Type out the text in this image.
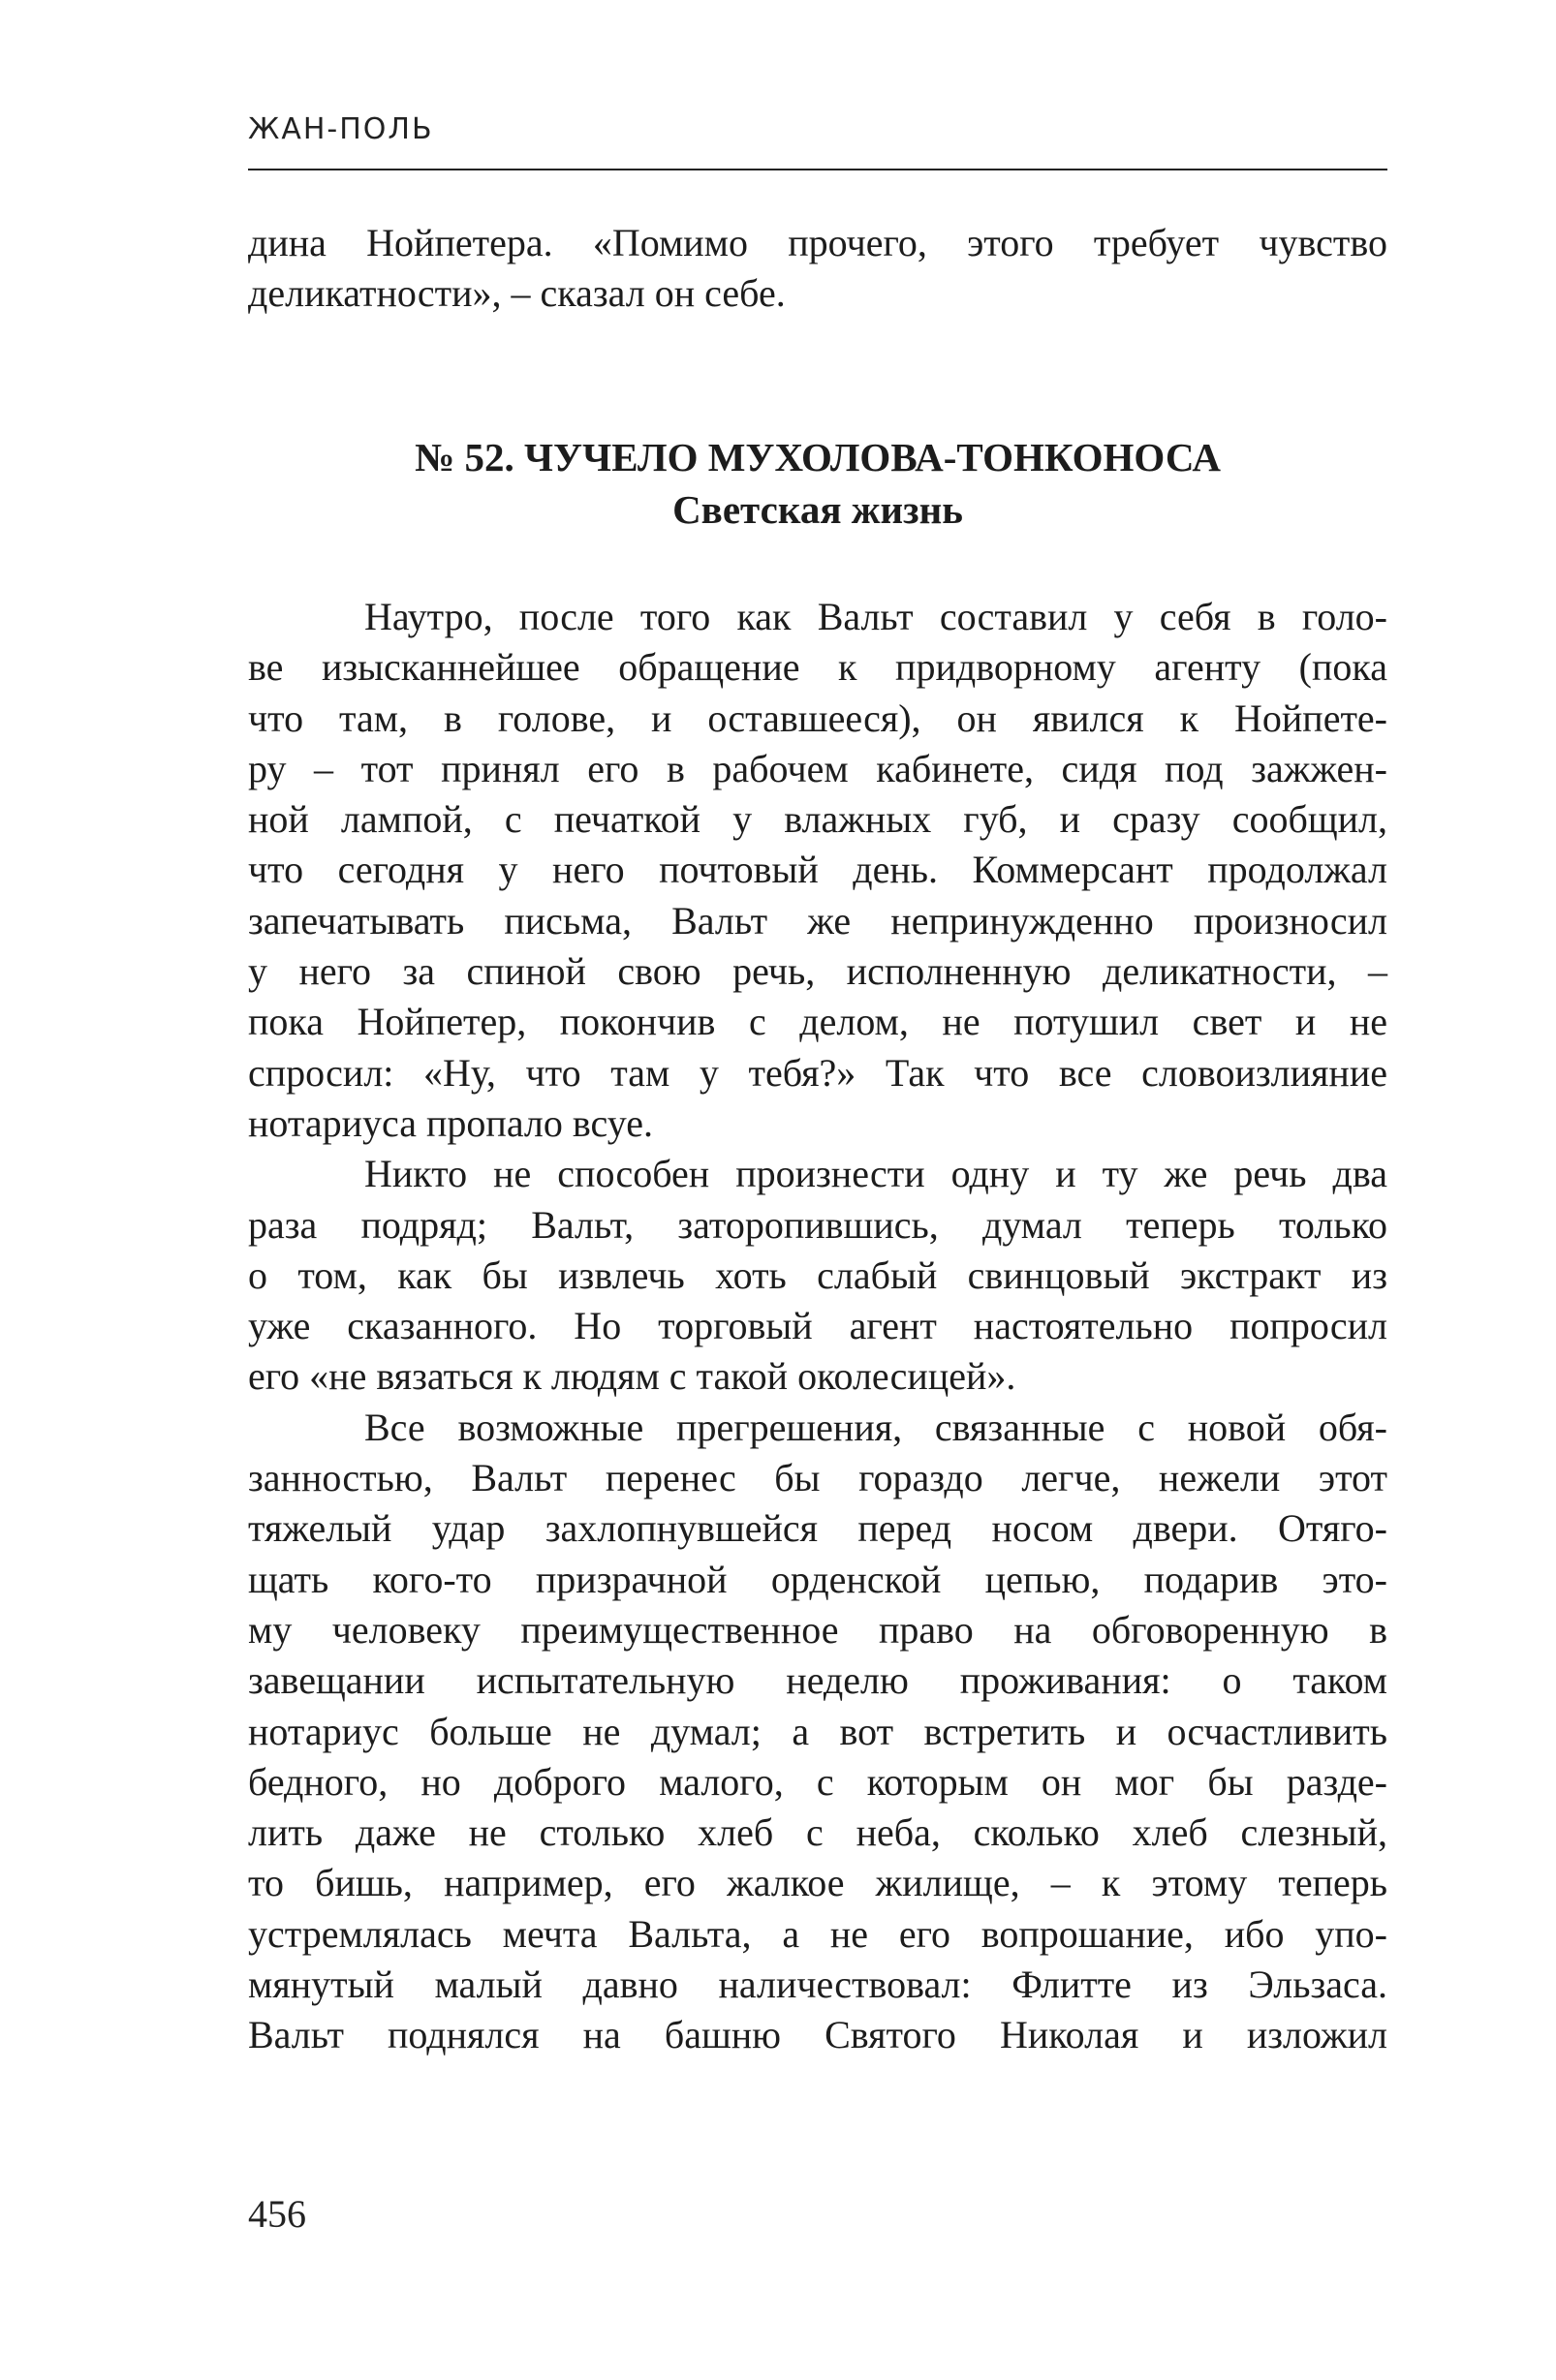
ЖАН-ПОЛЬ
дина Нойпетера. «Помимо прочего, этого требует чувство
деликатности», – сказал он себе.
№ 52. ЧУЧЕЛО МУХОЛОВА-ТОНКОНОСА
Светская жизнь
Наутро, после того как Вальт составил у себя в голо-
ве изысканнейшее обращение к придворному агенту (пока
что там, в голове, и оставшееся), он явился к Нойпете-
ру – тот принял его в рабочем кабинете, сидя под зажжен-
ной лампой, с печаткой у влажных губ, и сразу сообщил,
что сегодня у него почтовый день. Коммерсант продолжал
запечатывать письма, Вальт же непринужденно произносил
у него за спиной свою речь, исполненную деликатности, –
пока Нойпетер, покончив с делом, не потушил свет и не
спросил: «Ну, что там у тебя?» Так что все словоизлияние
нотариуса пропало всуе.
Никто не способен произнести одну и ту же речь два
раза подряд; Вальт, заторопившись, думал теперь только
о том, как бы извлечь хоть слабый свинцовый экстракт из
уже сказанного. Но торговый агент настоятельно попросил
его «не вязаться к людям с такой околесицей».
Все возможные прегрешения, связанные с новой обя-
занностью, Вальт перенес бы гораздо легче, нежели этот
тяжелый удар захлопнувшейся перед носом двери. Отяго-
щать кого-то призрачной орденской цепью, подарив это-
му человеку преимущественное право на обговоренную в
завещании испытательную неделю проживания: о таком
нотариус больше не думал; а вот встретить и осчастливить
бедного, но доброго малого, с которым он мог бы разде-
лить даже не столько хлеб с неба, сколько хлеб слезный,
то бишь, например, его жалкое жилище, – к этому теперь
устремлялась мечта Вальта, а не его вопрошание, ибо упо-
мянутый малый давно наличествовал: Флитте из Эльзаса.
Вальт поднялся на башню Святого Николая и изложил
456
